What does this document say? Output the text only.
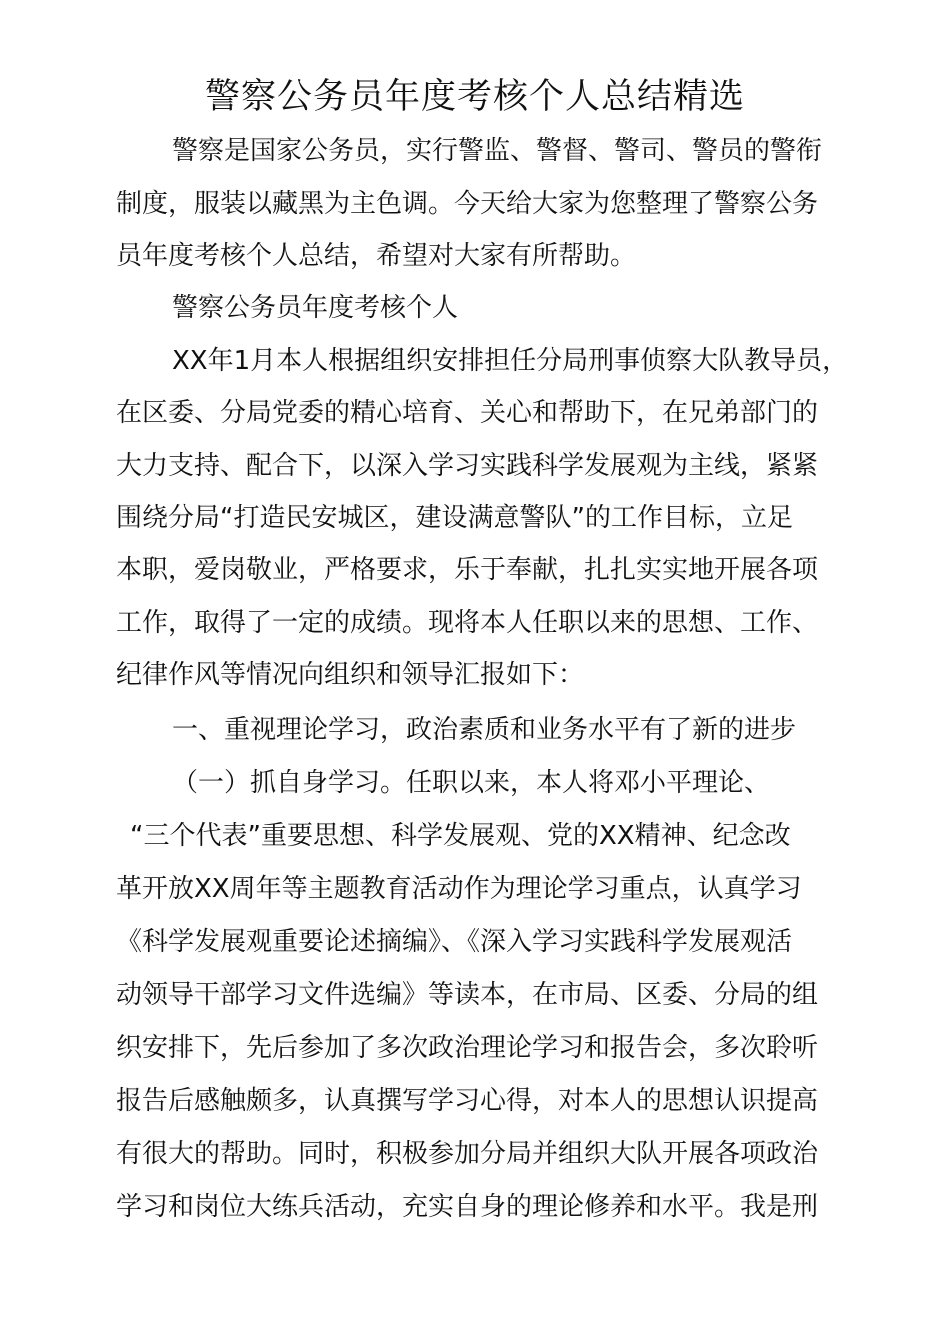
警察公务员年度考核个人总结精选
警察是国家公务员，实行警监、警督、警司、警员的警衔
制度，服装以藏黑为主色调。今天给大家为您整理了警察公务
员年度考核个人总结，希望对大家有所帮助。
警察公务员年度考核个人
XX年1月本人根据组织安排担任分局刑事侦察大队教导员，
在区委、分局党委的精心培育、关心和帮助下，在兄弟部门的
大力支持、配合下，以深入学习实践科学发展观为主线，紧紧
围绕分局“打造民安城区，建设满意警队”的工作目标，立足
本职，爱岗敬业，严格要求，乐于奉献，扎扎实实地开展各项
工作，取得了一定的成绩。现将本人任职以来的思想、工作、
纪律作风等情况向组织和领导汇报如下：
一、重视理论学习，政治素质和业务水平有了新的进步
（一）抓自身学习。任职以来，本人将邓小平理论、
“三个代表”重要思想、科学发展观、党的XX精神、纪念改
革开放XX周年等主题教育活动作为理论学习重点，认真学习
《科学发展观重要论述摘编》、《深入学习实践科学发展观活
动领导干部学习文件选编》等读本，在市局、区委、分局的组
织安排下，先后参加了多次政治理论学习和报告会，多次聆听
报告后感触颇多，认真撰写学习心得，对本人的思想认识提高
有很大的帮助。同时，积极参加分局并组织大队开展各项政治
学习和岗位大练兵活动，充实自身的理论修养和水平。我是刑
